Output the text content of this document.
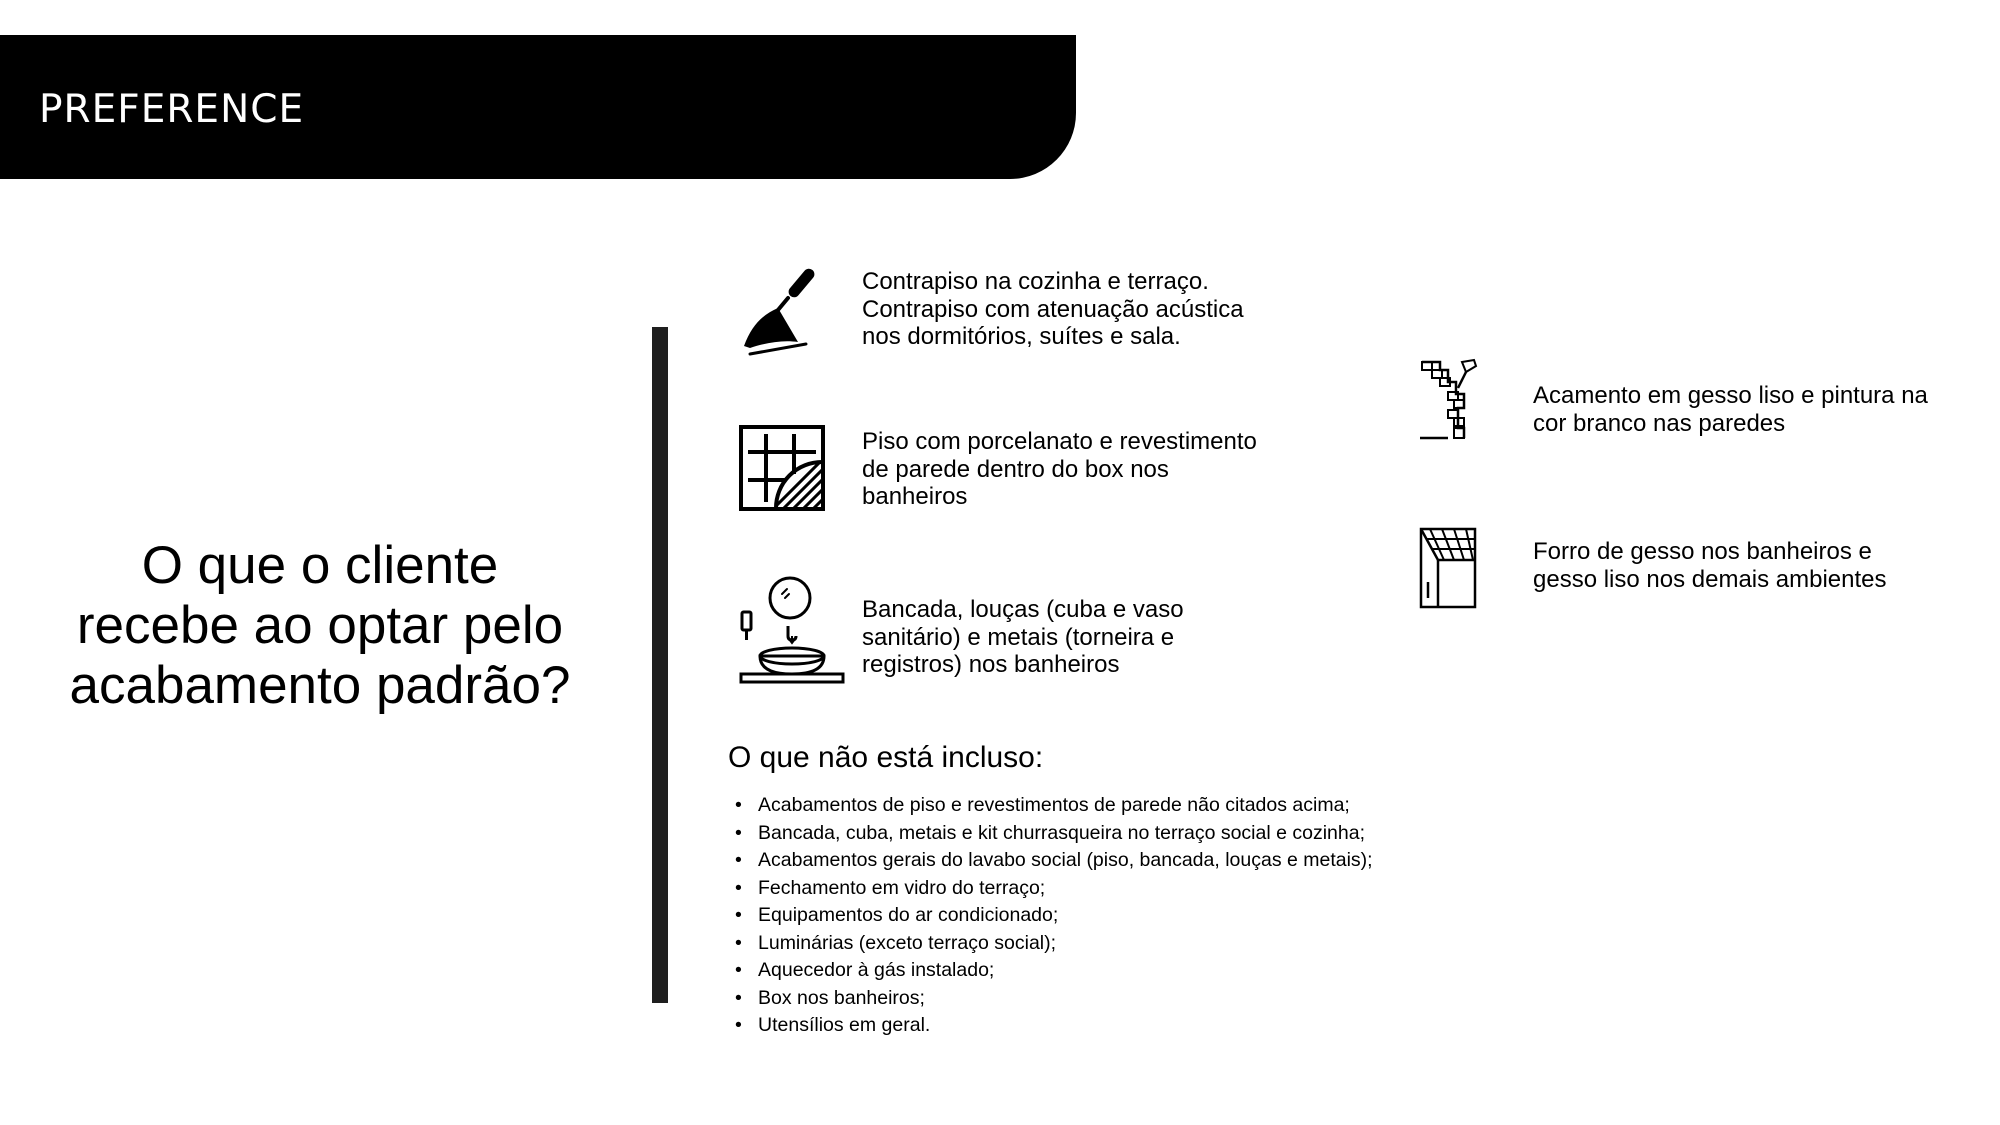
PREFERENCE
O que o cliente recebe ao optar pelo acabamento padrão?
Contrapiso na cozinha e terraço. Contrapiso com atenuação acústica nos dormitórios, suítes e sala.
Piso com porcelanato e revestimento de parede dentro do box nos banheiros
Bancada, louças (cuba e vaso sanitário) e metais (torneira e registros) nos banheiros
Acamento em gesso liso e pintura na cor branco nas paredes
Forro de gesso nos banheiros e gesso liso nos demais ambientes
O que não está incluso:
• Acabamentos de piso e revestimentos de parede não citados acima;
• Bancada, cuba, metais e kit churrasqueira no terraço social e cozinha;
• Acabamentos gerais do lavabo social (piso, bancada, louças e metais);
• Fechamento em vidro do terraço;
• Equipamentos do ar condicionado;
• Luminárias (exceto terraço social);
• Aquecedor à gás instalado;
• Box nos banheiros;
• Utensílios em geral.
